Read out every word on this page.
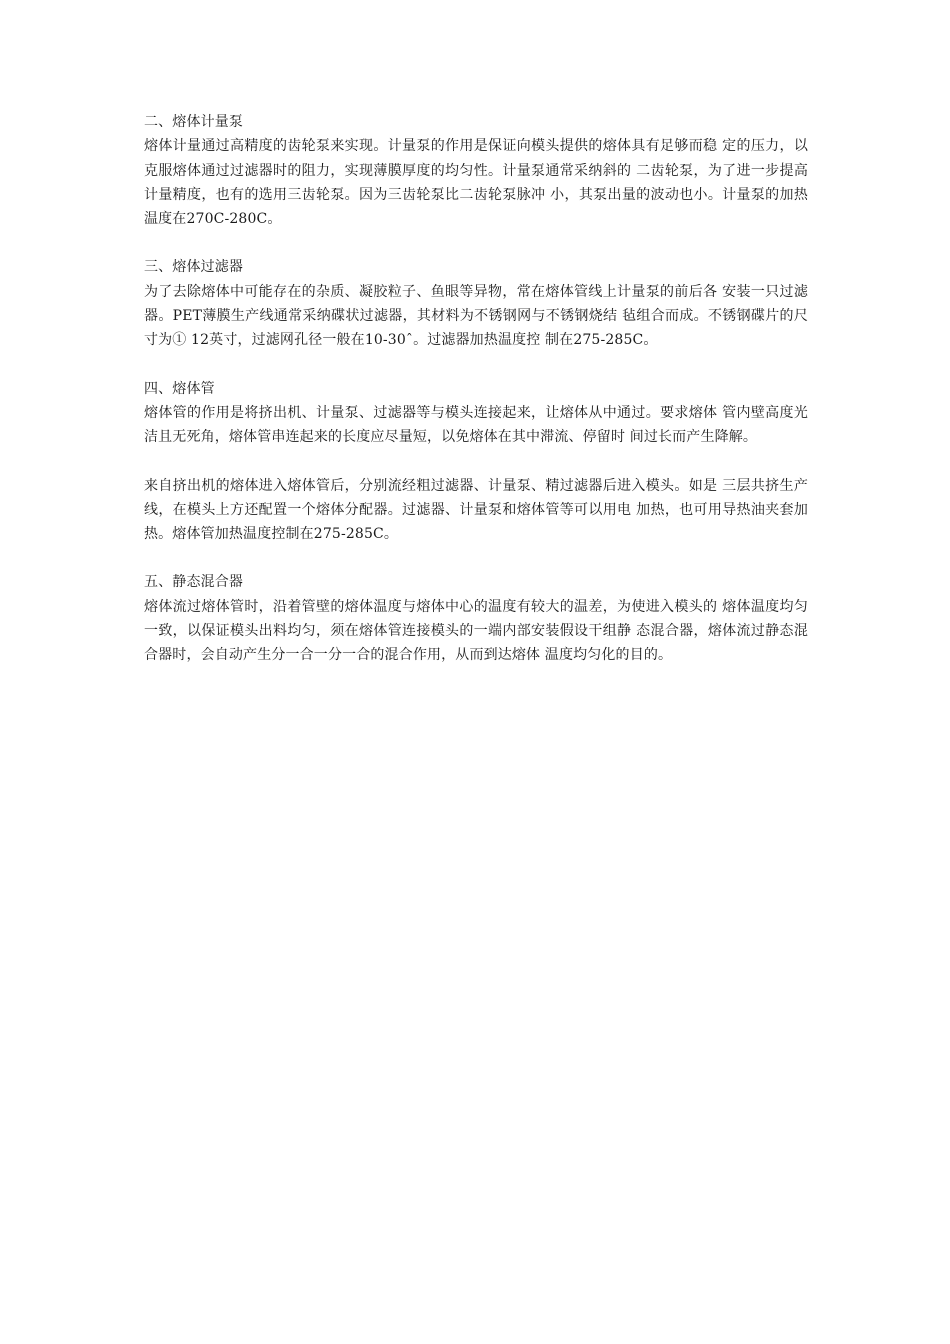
二、熔体计量泵

熔体计量通过高精度的齿轮泵来实现。计量泵的作用是保证向模头提供的熔体具有足够而稳 定的压力，以克服熔体通过过滤器时的阻力，实现薄膜厚度的均匀性。计量泵通常采纳斜的 二齿轮泵，为了进一步提高计量精度，也有的选用三齿轮泵。因为三齿轮泵比二齿轮泵脉冲 小，其泵出量的波动也小。计量泵的加热温度在270C-280C。

三、熔体过滤器

为了去除熔体中可能存在的杂质、凝胶粒子、鱼眼等异物，常在熔体管线上计量泵的前后各 安装一只过滤器。PET薄膜生产线通常采纳碟状过滤器，其材料为不锈钢网与不锈钢烧结 毡组合而成。不锈钢碟片的尺寸为① 12英寸，过滤网孔径一般在10-30ˆ。过滤器加热温度控 制在275-285C。

四、熔体管

熔体管的作用是将挤出机、计量泵、过滤器等与模头连接起来，让熔体从中通过。要求熔体 管内壁高度光洁且无死角，熔体管串连起来的长度应尽量短，以免熔体在其中滞流、停留时 间过长而产生降解。

来自挤出机的熔体进入熔体管后，分别流经粗过滤器、计量泵、精过滤器后进入模头。如是 三层共挤生产线，在模头上方还配置一个熔体分配器。过滤器、计量泵和熔体管等可以用电 加热，也可用导热油夹套加热。熔体管加热温度控制在275-285C。

五、静态混合器

熔体流过熔体管时，沿着管壁的熔体温度与熔体中心的温度有较大的温差，为使进入模头的 熔体温度均匀一致，以保证模头出料均匀，须在熔体管连接模头的一端内部安装假设干组静 态混合器，熔体流过静态混合器时，会自动产生分一合一分一合的混合作用，从而到达熔体 温度均匀化的目的。
